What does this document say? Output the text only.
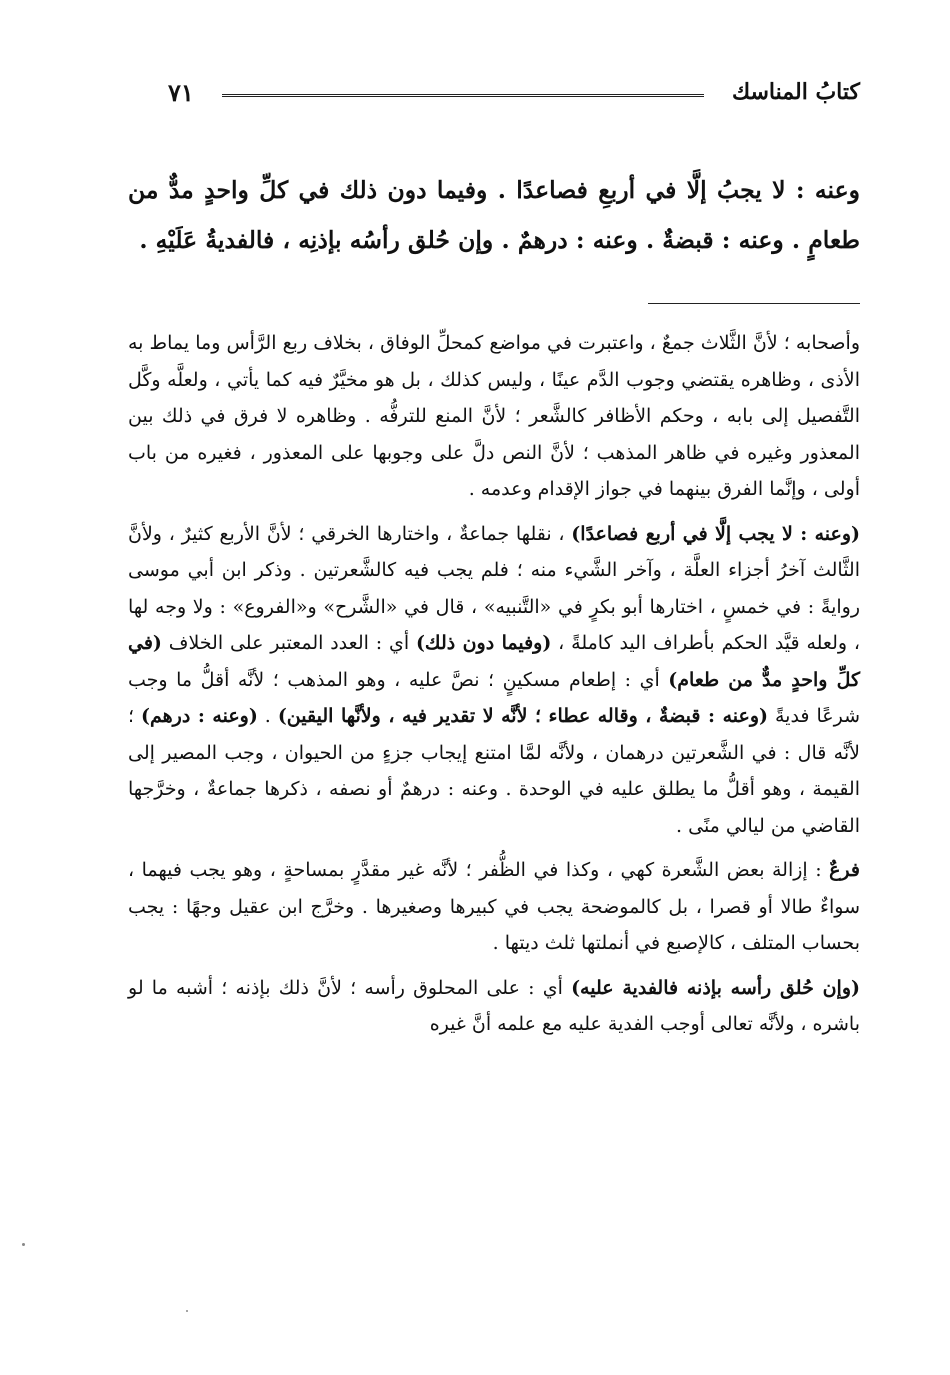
كتابُ المناسك
٧١

وعنه : لا يجبُ إلَّا في أربعِ فصاعدًا . وفيما دون ذلك في كلِّ واحدٍ مدٌّ من طعامٍ . وعنه : قبضةٌ . وعنه : درهمٌ . وإن حُلق رأسُه بإذنِه ، فالفديةُ عَلَيْهِ .

وأصحابه ؛ لأنَّ الثَّلاث جمعٌ ، واعتبرت في مواضع كمحلِّ الوفاق ، بخلاف ربع الرَّأس وما يماط به الأذى ، وظاهره يقتضي وجوب الدَّم عينًا ، وليس كذلك ، بل هو مخيَّرٌ فيه كما يأتي ، ولعلَّه وكَّل التَّفصيل إلى بابه ، وحكم الأظافر كالشَّعر ؛ لأنَّ المنع للترفُّه . وظاهره لا فرق في ذلك بين المعذور وغيره في ظاهر المذهب ؛ لأنَّ النص دلَّ على وجوبها على المعذور ، فغيره من باب أولى ، وإنَّما الفرق بينهما في جواز الإقدام وعدمه .

(وعنه : لا يجب إلَّا في أربع فصاعدًا) ، نقلها جماعةٌ ، واختارها الخرقي ؛ لأنَّ الأربع كثيرٌ ، ولأنَّ الثَّالث آخرُ أجزاء العلَّة ، وآخر الشَّيء منه ؛ فلم يجب فيه كالشَّعرتين . وذكر ابن أبي موسى روايةً : في خمسٍ ، اختارها أبو بكرٍ في «التَّنبيه» ، قال في «الشَّرح» و«الفروع» : ولا وجه لها ، ولعله قيَّد الحكم بأطراف اليد كاملةً ، (وفيما دون ذلك) أي : العدد المعتبر على الخلاف (في كلِّ واحدٍ مدٌّ من طعام) أي : إطعام مسكينٍ ؛ نصَّ عليه ، وهو المذهب ؛ لأنَّه أقلُّ ما وجب شرعًا فديةً (وعنه : قبضةٌ ، وقاله عطاء ؛ لأنَّه لا تقدير فيه ، ولأنَّها اليقين) . (وعنه : درهم) ؛ لأنَّه قال : في الشَّعرتين درهمان ، ولأنَّه لمَّا امتنع إيجاب جزءٍ من الحيوان ، وجب المصير إلى القيمة ، وهو أقلُّ ما يطلق عليه في الوحدة . وعنه : درهمٌ أو نصفه ، ذكرها جماعةٌ ، وخرَّجها القاضي من ليالي منًى .

فرعٌ : إزالة بعض الشَّعرة كهي ، وكذا في الظُّفر ؛ لأنَّه غير مقدَّرٍ بمساحةٍ ، وهو يجب فيهما ، سواءٌ طالا أو قصرا ، بل كالموضحة يجب في كبيرها وصغيرها . وخرَّج ابن عقيل وجهًا : يجب بحساب المتلف ، كالإصبع في أنملتها ثلث ديتها .

(وإن حُلق رأسه بإذنه فالفدية عليه) أي : على المحلوق رأسه ؛ لأنَّ ذلك بإذنه ؛ أشبه ما لو باشره ، ولأنَّه تعالى أوجب الفدية عليه مع علمه أنَّ غيره
